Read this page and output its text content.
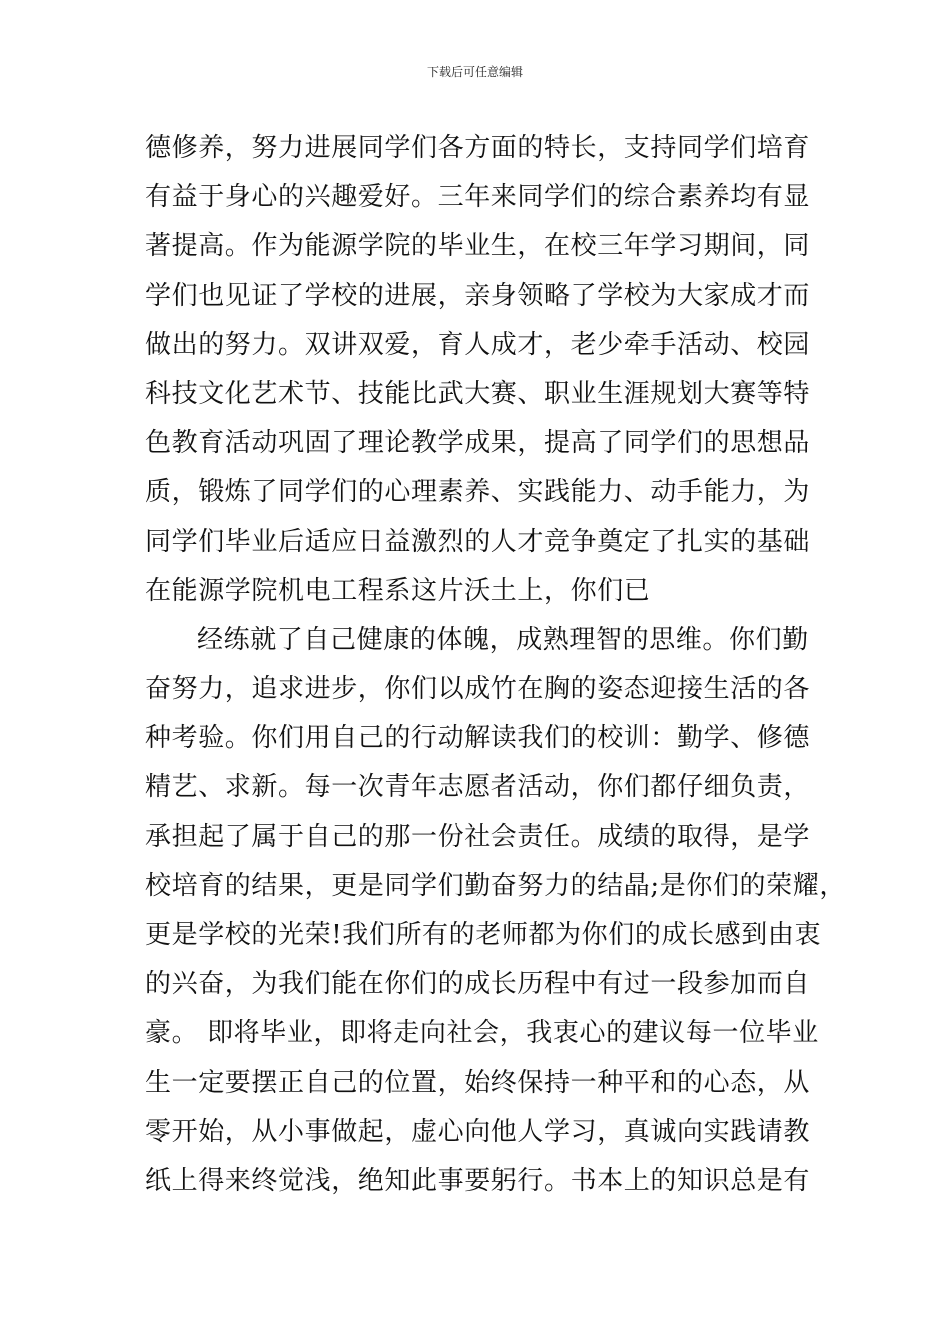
下载后可任意编辑
德修养，努力进展同学们各方面的特长，支持同学们培育
有益于身心的兴趣爱好。三年来同学们的综合素养均有显
著提高。作为能源学院的毕业生，在校三年学习期间，同
学们也见证了学校的进展，亲身领略了学校为大家成才而
做出的努力。双讲双爱，育人成才，老少牵手活动、校园
科技文化艺术节、技能比武大赛、职业生涯规划大赛等特
色教育活动巩固了理论教学成果，提高了同学们的思想品
质，锻炼了同学们的心理素养、实践能力、动手能力，为
同学们毕业后适应日益激烈的人才竞争奠定了扎实的基础
在能源学院机电工程系这片沃土上，你们已
经练就了自己健康的体魄，成熟理智的思维。你们勤
奋努力，追求进步，你们以成竹在胸的姿态迎接生活的各
种考验。你们用自己的行动解读我们的校训：勤学、修德
精艺、求新。每一次青年志愿者活动，你们都仔细负责，
承担起了属于自己的那一份社会责任。成绩的取得，是学
校培育的结果，更是同学们勤奋努力的结晶;是你们的荣耀，
更是学校的光荣!我们所有的老师都为你们的成长感到由衷
的兴奋，为我们能在你们的成长历程中有过一段参加而自
豪。 即将毕业，即将走向社会，我衷心的建议每一位毕业
生一定要摆正自己的位置，始终保持一种平和的心态，从
零开始，从小事做起，虚心向他人学习，真诚向实践请教
纸上得来终觉浅，绝知此事要躬行。书本上的知识总是有
